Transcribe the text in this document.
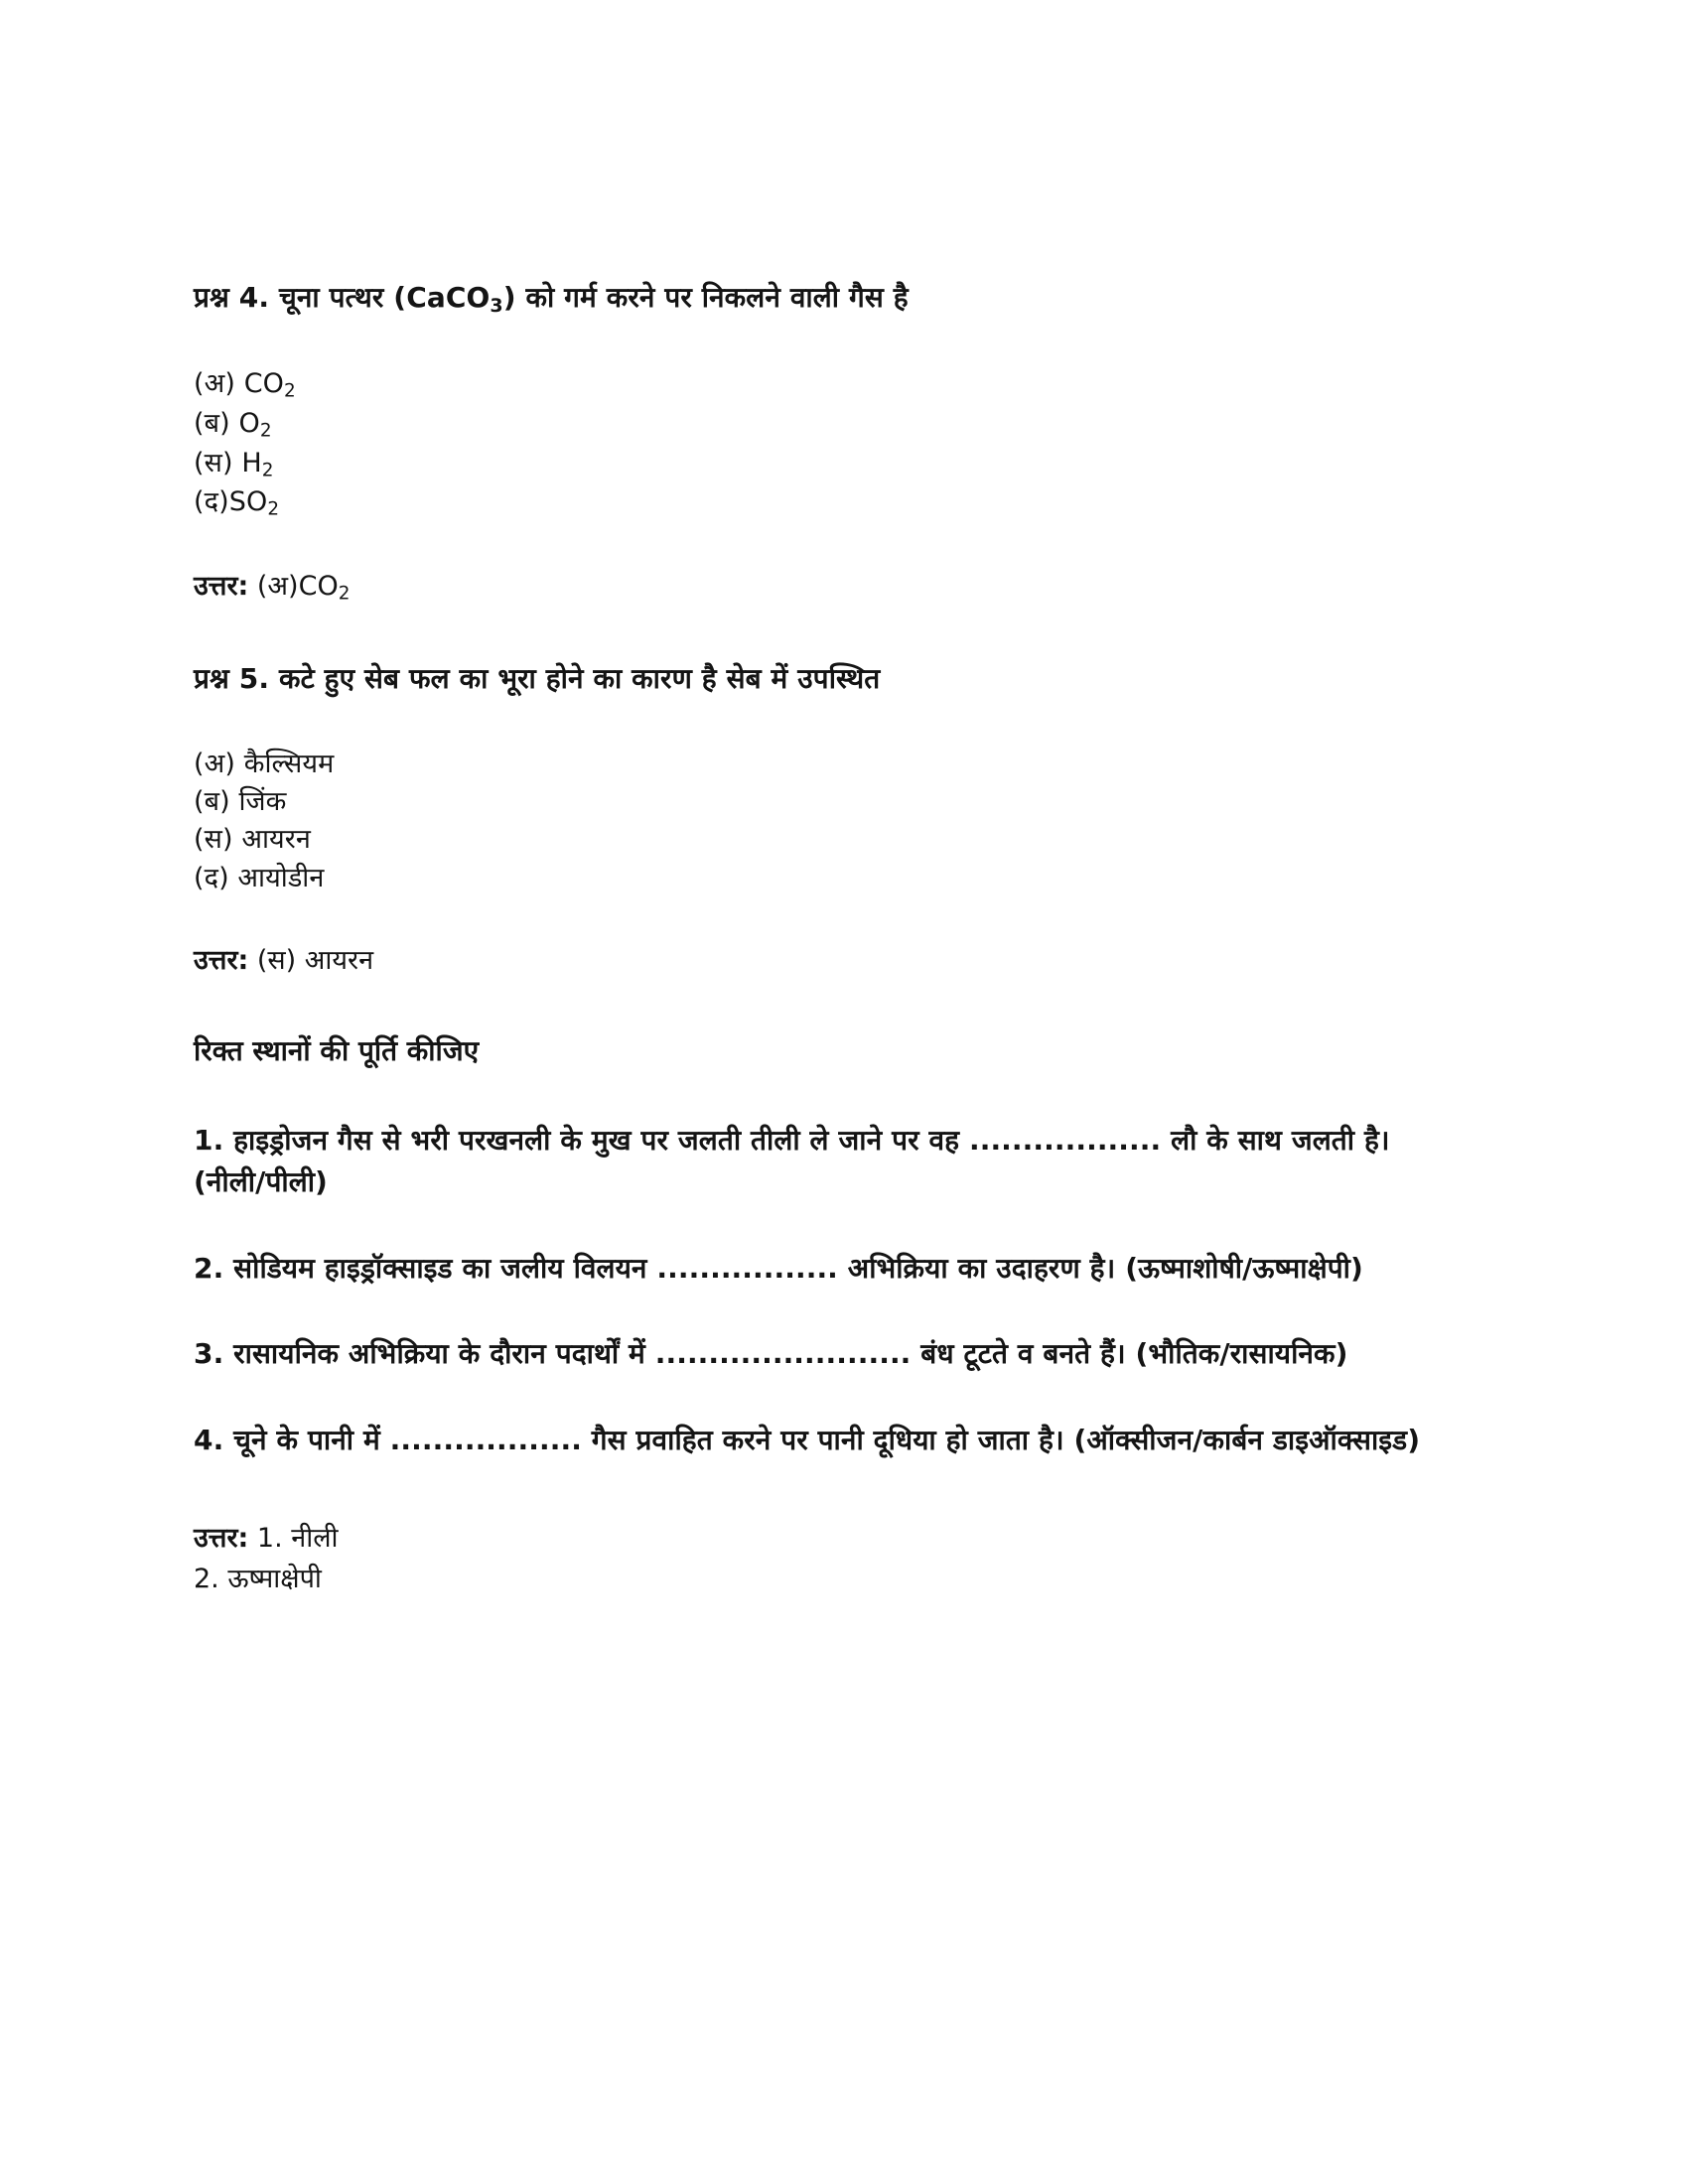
प्रश्न 4. चूना पत्थर (CaCO$_3$) को गर्म करने पर निकलने वाली गैस है

(अ) $CO_2$

(ब) $O_2$

(स) $H_2$

$(द)SO_2$

उत्तर: $(अ)CO_2$

प्रश्न 5. कटे हुए सेब फल का भूरा होने का कारण है सेब में उपस्थित

(अ) कैल्सियम

(ब) जिंक

(स) आयरन

(द) आयोडीन

उत्तर: (स) आयरन

रिक्त स्थानों की पूर्ति कीजिए

1. हाइड्रोजन गैस से भरी परखनली के मुख पर जलती तीली ले जाने पर वह .................. लौ के साथ जलती है। (नीली/पीली)

2. सोडियम हाइड्रॉक्साइड का जलीय विलयन ................. अभिक्रिया का उदाहरण है। (ऊष्माशोषी/ऊष्माक्षेपी)

3. रासायनिक अभिक्रिया के दौरान पदार्थों में ........................ बंध टूटते व बनते हैं। (भौतिक/रासायनिक)

4. चूने के पानी में .................. गैस प्रवाहित करने पर पानी दूधिया हो जाता है। (ऑक्सीजन/कार्बन डाइऑक्साइड)

उत्तर: 1. नीली
2. ऊष्माक्षेपी
